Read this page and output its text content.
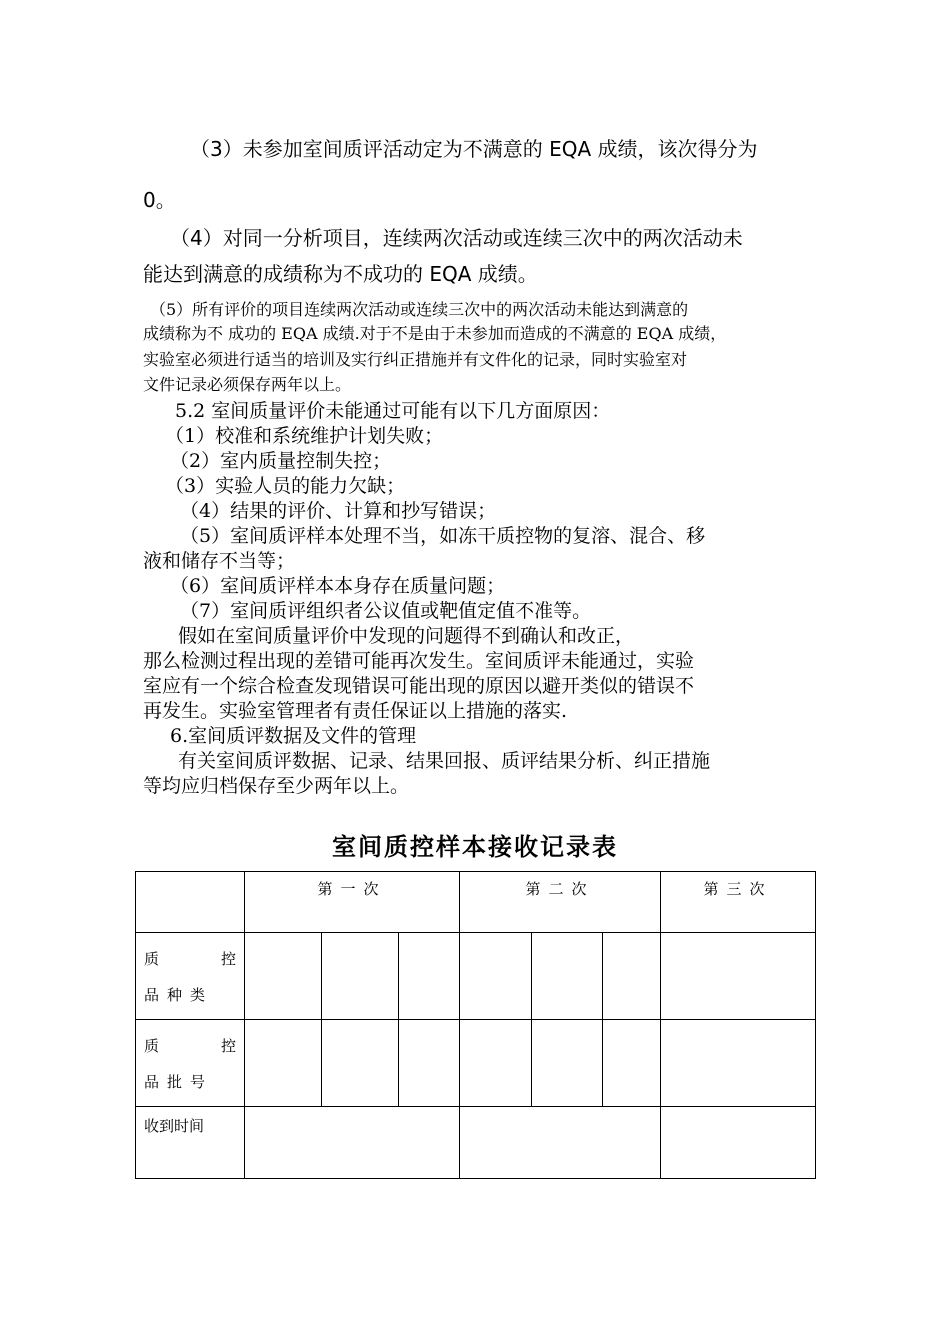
（3）未参加室间质评活动定为不满意的 EQA 成绩，该次得分为
0。
（4）对同一分析项目，连续两次活动或连续三次中的两次活动未
能达到满意的成绩称为不成功的 EQA 成绩。
（5）所有评价的项目连续两次活动或连续三次中的两次活动未能达到满意的
成绩称为不 成功的 EQA 成绩.对于不是由于未参加而造成的不满意的 EQA 成绩，
实验室必须进行适当的培训及实行纠正措施并有文件化的记录，同时实验室对
文件记录必须保存两年以上。
5.2 室间质量评价未能通过可能有以下几方面原因：
（1）校准和系统维护计划失败；
（2）室内质量控制失控；
（3）实验人员的能力欠缺；
（4）结果的评价、计算和抄写错误；
（5）室间质评样本处理不当，如冻干质控物的复溶、混合、移
液和储存不当等；
（6）室间质评样本本身存在质量问题；
（7）室间质评组织者公议值或靶值定值不准等。
假如在室间质量评价中发现的问题得不到确认和改正，
那么检测过程出现的差错可能再次发生。室间质评未能通过，实验
室应有一个综合检查发现错误可能出现的原因以避开类似的错误不
再发生。实验室管理者有责任保证以上措施的落实.
6.室间质评数据及文件的管理
有关室间质评数据、记录、结果回报、质评结果分析、纠正措施
等均应归档保存至少两年以上。
室间质控样本接收记录表
	第一次			第二次			第三次

质 控
品种类							

质 控
品批号							

收到时间							
